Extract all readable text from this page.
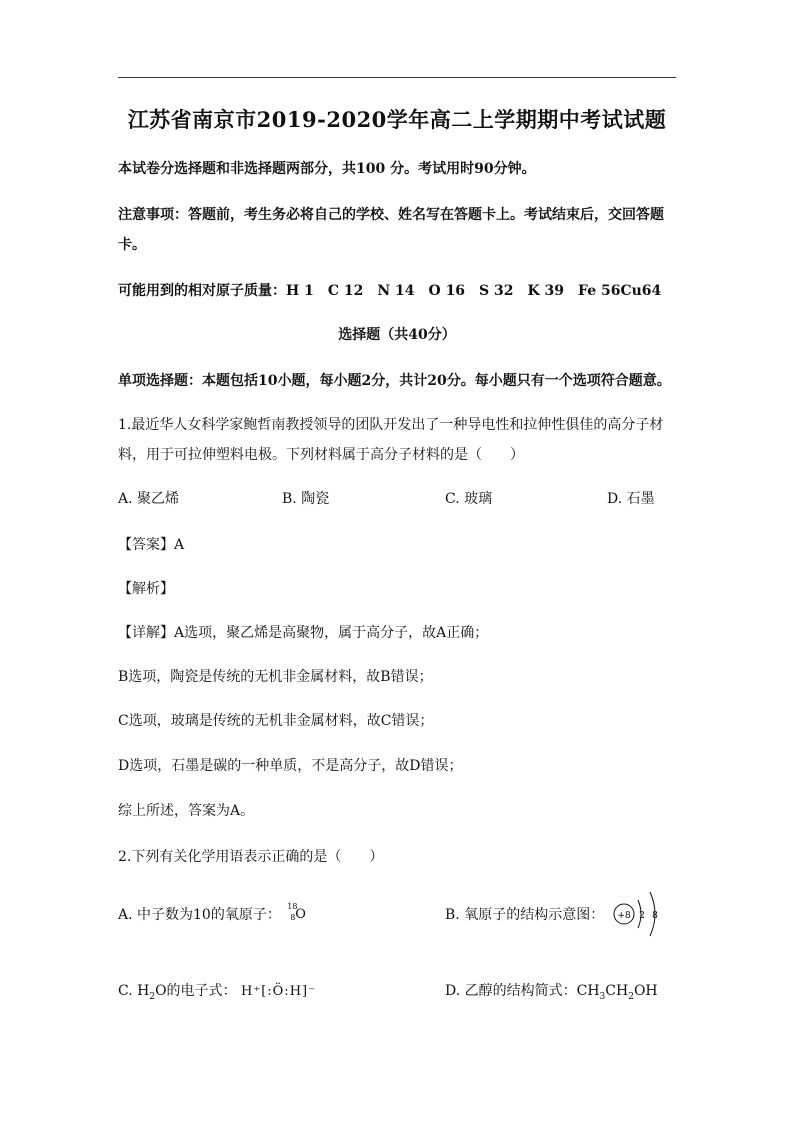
江苏省南京市2019-2020学年高二上学期期中考试试题
本试卷分选择题和非选择题两部分，共100 分。考试用时90分钟。
注意事项：答题前，考生务必将自己的学校、姓名写在答题卡上。考试结束后，交回答题
卡。
可能用到的相对原子质量：H 1　C 12　N 14　O 16　S 32　K 39　Fe 56Cu64
选择题（共40分）
单项选择题：本题包括10小题，每小题2分，共计20分。每小题只有一个选项符合题意。
1.最近华人女科学家鲍哲南教授领导的团队开发出了一种导电性和拉伸性俱佳的高分子材
料，用于可拉伸塑料电极。下列材料属于高分子材料的是（　　）
A. 聚乙烯	B. 陶瓷	C. 玻璃	D. 石墨
【答案】A
【解析】
【详解】A选项，聚乙烯是高聚物，属于高分子，故A正确；
B选项，陶瓷是传统的无机非金属材料，故B错误；
C选项，玻璃是传统的无机非金属材料，故C错误；
D选项，石墨是碳的一种单质，不是高分子，故D错误；
综上所述，答案为A。
2.下列有关化学用语表示正确的是（　　）
A. 中子数为10的氧原子：
18
8 O	B. 氧原子的结构示意图： +8 2 8
C. $H_2O$的电子式： H⁺[:Ö:H]⁻	D. 乙醇的结构简式：$CH_3CH_2OH$
